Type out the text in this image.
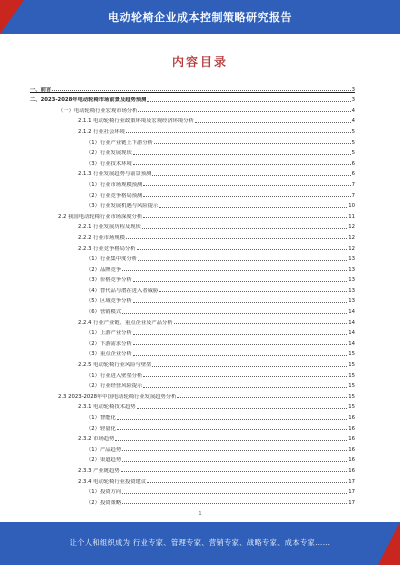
电动轮椅企业成本控制策略研究报告
内容目录
一、前言	3
二、2023-2028年电动轮椅市场前景及趋势预测	3
（一）电动轮椅行业宏观市场分析	4
2.1.1 电动轮椅行业政策环境及宏观经济环境分析	4
2.1.2 行业社会环境	5
（1）行业产业链上下游分析	5
（2）行业发展现状	5
（3）行业技术环境	6
2.1.3 行业发展趋势与前景预测	6
（1）行业市场规模预测	7
（2）行业竞争格局预测	7
（3）行业发展机遇与风险提示	10
2.2 我国电动轮椅行业市场深度分析	11
2.2.1 行业发展历程及现状	12
2.2.2 行业市场规模	12
2.2.3 行业竞争格局分析	12
（1）行业集中度分析	13
（2）品牌竞争	13
（3）价格竞争分析	13
（4）替代品与潜在进入者威胁	13
（5）区域竞争分析	13
（6）营销模式	14
2.2.4 行业产业链、重点企业及产品分析	14
（1）上游产业分析	14
（2）下游需求分析	14
（3）重点企业分析	15
2.2.5 电动轮椅行业风险与壁垒	15
（1）行业进入壁垒分析	15
（2）行业经营风险提示	15
2.3 2023-2028年中国电动轮椅行业发展趋势分析	15
2.3.1 电动轮椅技术趋势	15
（1）智能化	16
（2）轻量化	16
2.3.2 市场趋势	16
（1）产品趋势	16
（2）渠道趋势	16
2.3.3 产业链趋势	16
2.3.4 电动轮椅行业投资建议	17
（1）投资方向	17
（2）投资策略	17
1
让个人和组织成为 行业专家、管理专家、营销专家、战略专家、成本专家……
